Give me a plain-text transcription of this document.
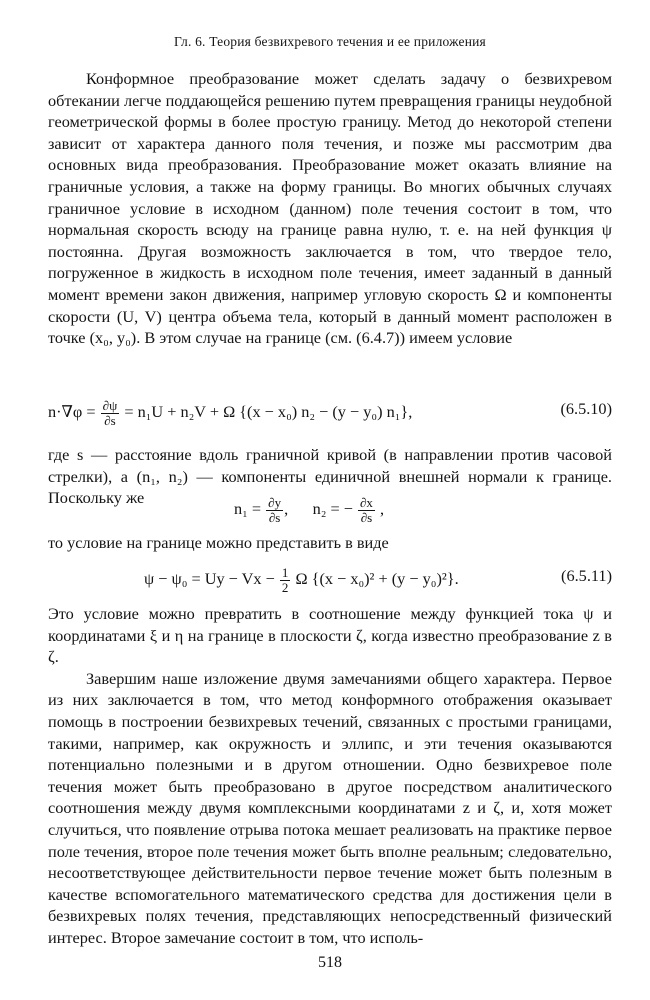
Гл. 6. Теория безвихревого течения и ее приложения

Конформное преобразование может сделать задачу о безвихревом обтекании легче поддающейся решению путем превращения границы неудобной геометрической формы в более простую границу. Метод до некоторой степени зависит от характера данного поля течения, и позже мы рассмотрим два основных вида преобразования. Преобразование может оказать влияние на граничные условия, а также на форму границы. Во многих обычных случаях граничное условие в исходном (данном) поле течения состоит в том, что нормальная скорость всюду на границе равна нулю, т. е. на ней функция ψ постоянна. Другая возможность заключается в том, что твердое тело, погруженное в жидкость в исходном поле течения, имеет заданный в данный момент времени закон движения, например угловую скорость Ω и компоненты скорости (U, V) центра объема тела, который в данный момент расположен в точке (x₀, y₀). В этом случае на границе (см. (6.4.7)) имеем условие

$n\cdot\nabla\varphi = \frac{\partial\psi}{\partial s} = n_1U + n_2V + \Omega$ {(x − x₀) n₂ − (y − y₀) n₁},	(6.5.10)

где s — расстояние вдоль граничной кривой (в направлении против часовой стрелки), а (n₁, n₂) — компоненты единичной внешней нормали к границе. Поскольку же

$n_1 = \frac{\partial y}{\partial s}$ , n₂ = − $\frac{\partial x}{\partial s}$ ,

то условие на границе можно представить в виде

$\psi - \psi_0 = Uy - Vx - \frac{1}{2}$ Ω {(x − x₀)² + (y − y₀)²}.	(6.5.11)

Это условие можно превратить в соотношение между функцией тока ψ и координатами ξ и η на границе в плоскости ζ, когда известно преобразование z в ζ.

Завершим наше изложение двумя замечаниями общего характера. Первое из них заключается в том, что метод конформного отображения оказывает помощь в построении безвихревых течений, связанных с простыми границами, такими, например, как окружность и эллипс, и эти течения оказываются потенциально полезными и в другом отношении. Одно безвихревое поле течения может быть преобразовано в другое посредством аналитического соотношения между двумя комплексными координатами z и ζ, и, хотя может случиться, что появление отрыва потока мешает реализовать на практике первое поле течения, второе поле течения может быть вполне реальным; следовательно, несоответствующее действительности первое течение может быть полезным в качестве вспомогательного математического средства для достижения цели в безвихревых полях течения, представляющих непосредственный физический интерес. Второе замечание состоит в том, что исполь-

518
